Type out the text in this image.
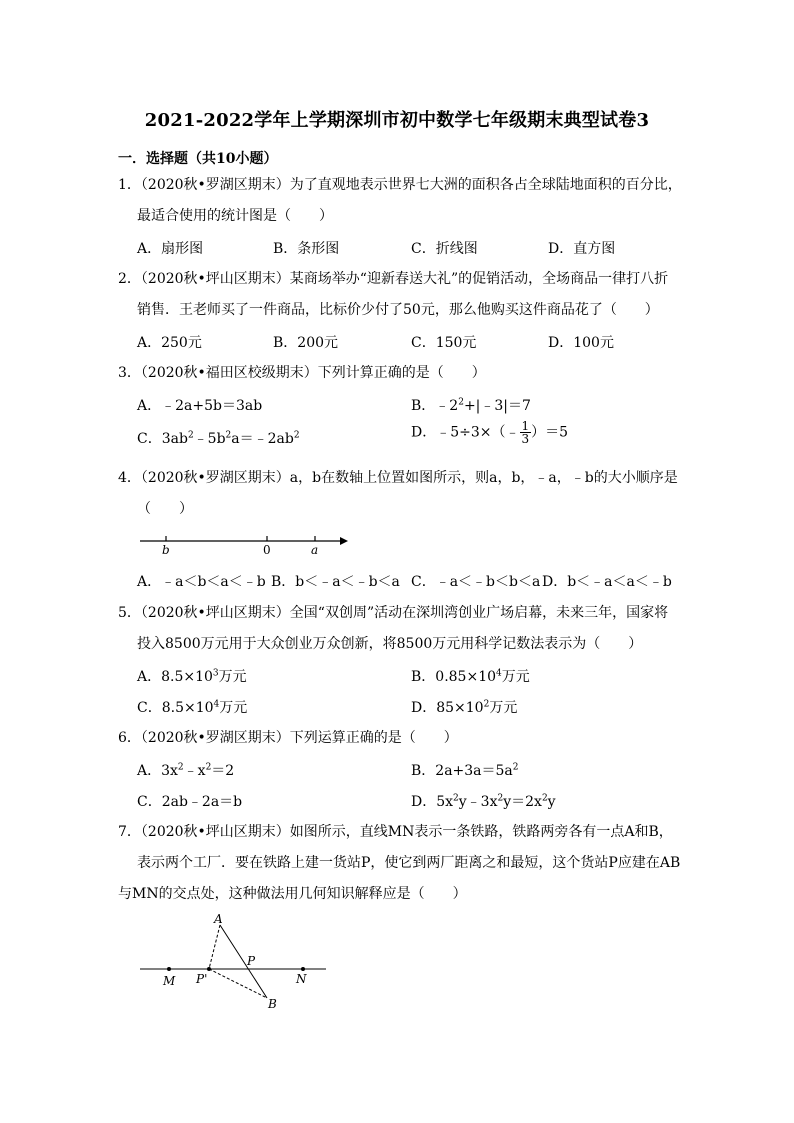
2021-2022学年上学期深圳市初中数学七年级期末典型试卷3
一．选择题（共10小题）
1．（2020秋•罗湖区期末）为了直观地表示世界七大洲的面积各占全球陆地面积的百分比，
最适合使用的统计图是（　　）
A．扇形图	B．条形图	C．折线图	D．直方图
2．（2020秋•坪山区期末）某商场举办“迎新春送大礼”的促销活动，全场商品一律打八折
销售．王老师买了一件商品，比标价少付了50元，那么他购买这件商品花了（　　）
A．250元	B．200元	C．150元	D．100元
3．（2020秋•福田区校级期末）下列计算正确的是（　　）
A．﹣2a+5b＝3ab	B．$﹣2^2+|﹣3|=7$
C．$3ab^2﹣5b^2a=﹣2ab^2$	D．﹣5÷3×（﹣ $\frac{1}{3} )=5$
4．（2020秋•罗湖区期末）a，b在数轴上位置如图所示，则a，b，﹣a，﹣b的大小顺序是
（　　）
b	0	a
A．﹣a＜b＜a＜﹣b B．b＜﹣a＜﹣b＜a C．﹣a＜﹣b＜b＜a D．b＜﹣a＜a＜﹣b
5．（2020秋•坪山区期末）全国“双创周”活动在深圳湾创业广场启幕，未来三年，国家将
投入8500万元用于大众创业万众创新，将8500万元用科学记数法表示为（　　）
A．$8.5\times 10^3$万元	B．$0.85\times 10^4$万元
C．$8.5\times 10^4$万元	D．$85\times 10^2$万元
6．（2020秋•罗湖区期末）下列运算正确的是（　　）
A．$3x^2﹣x^2=2$	B．$2a+3a=5a^2$
C．2ab﹣2a＝b	D．$5x^2y﹣3x^2y=2x^2y$
7．（2020秋•坪山区期末）如图所示，直线MN表示一条铁路，铁路两旁各有一点A和B，
表示两个工厂．要在铁路上建一货站P，使它到两厂距离之和最短，这个货站P应建在AB
与MN的交点处，这种做法用几何知识解释应是（　　）
A
P
P'
M	N
B
